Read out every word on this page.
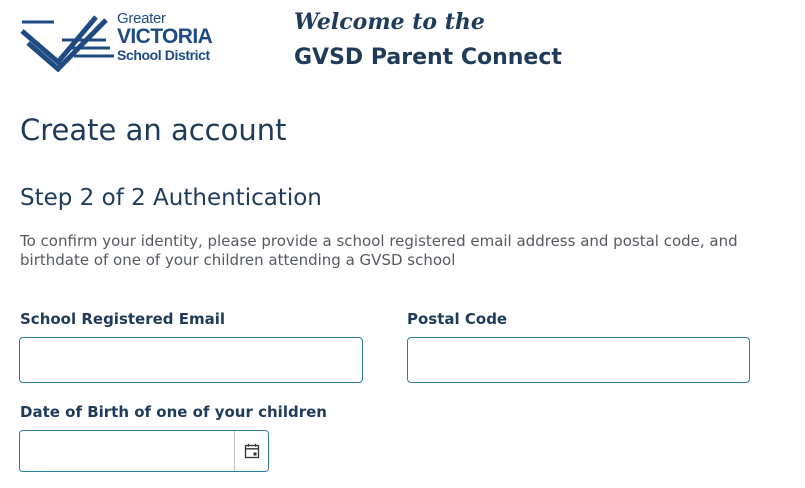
Greater
VICTORIA
School District
Welcome to the
GVSD Parent Connect
Create an account
Step 2 of 2 Authentication
To confirm your identity, please provide a school registered email address and postal code, and birthdate of one of your children attending a GVSD school
School Registered Email	Postal Code
Date of Birth of one of your children
